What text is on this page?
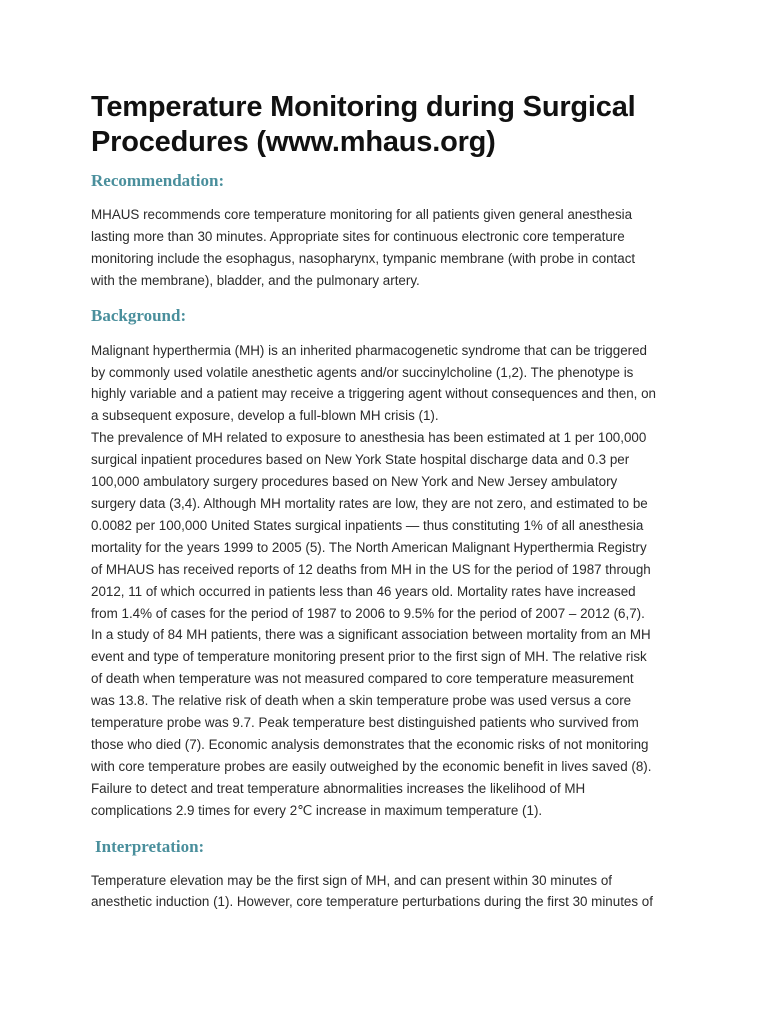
Temperature Monitoring during Surgical
Procedures (www.mhaus.org)
Recommendation:

MHAUS recommends core temperature monitoring for all patients given general anesthesia
lasting more than 30 minutes. Appropriate sites for continuous electronic core temperature
monitoring include the esophagus, nasopharynx, tympanic membrane (with probe in contact
with the membrane), bladder, and the pulmonary artery.

Background:

Malignant hyperthermia (MH) is an inherited pharmacogenetic syndrome that can be triggered
by commonly used volatile anesthetic agents and/or succinylcholine (1,2). The phenotype is
highly variable and a patient may receive a triggering agent without consequences and then, on
a subsequent exposure, develop a full-blown MH crisis (1).
The prevalence of MH related to exposure to anesthesia has been estimated at 1 per 100,000
surgical inpatient procedures based on New York State hospital discharge data and 0.3 per
100,000 ambulatory surgery procedures based on New York and New Jersey ambulatory
surgery data (3,4). Although MH mortality rates are low, they are not zero, and estimated to be
0.0082 per 100,000 United States surgical inpatients — thus constituting 1% of all anesthesia
mortality for the years 1999 to 2005 (5). The North American Malignant Hyperthermia Registry
of MHAUS has received reports of 12 deaths from MH in the US for the period of 1987 through
2012, 11 of which occurred in patients less than 46 years old. Mortality rates have increased
from 1.4% of cases for the period of 1987 to 2006 to 9.5% for the period of 2007 – 2012 (6,7).
In a study of 84 MH patients, there was a significant association between mortality from an MH
event and type of temperature monitoring present prior to the first sign of MH. The relative risk
of death when temperature was not measured compared to core temperature measurement
was 13.8. The relative risk of death when a skin temperature probe was used versus a core
temperature probe was 9.7. Peak temperature best distinguished patients who survived from
those who died (7). Economic analysis demonstrates that the economic risks of not monitoring
with core temperature probes are easily outweighed by the economic benefit in lives saved (8).
Failure to detect and treat temperature abnormalities increases the likelihood of MH
complications 2.9 times for every 2℃ increase in maximum temperature (1).

Interpretation:

Temperature elevation may be the first sign of MH, and can present within 30 minutes of
anesthetic induction (1). However, core temperature perturbations during the first 30 minutes of
